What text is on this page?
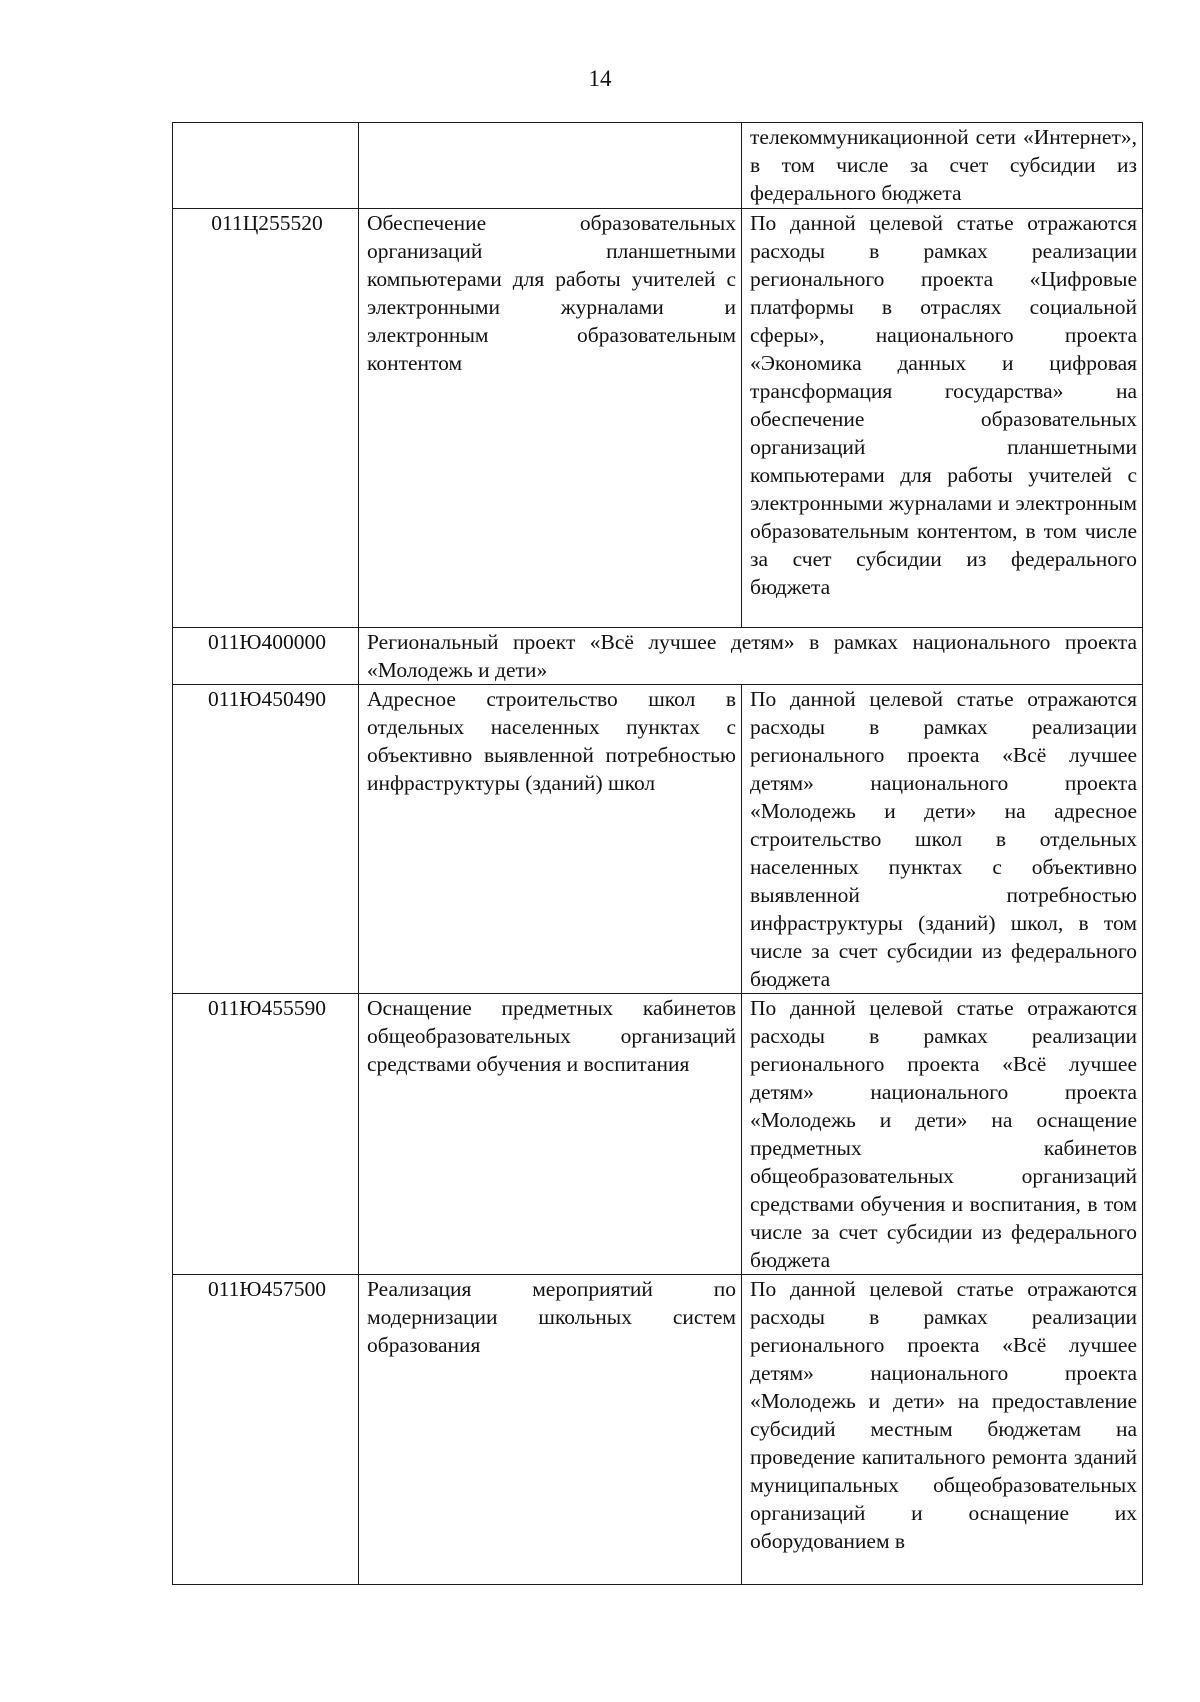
14
		телекоммуникационной сети «Интернет», в том числе за счет субсидии из федерального бюджета
011Ц255520	Обеспечение образовательных организаций планшетными компьютерами для работы учителей с электронными журналами и электронным образовательным контентом	По данной целевой статье отражаются расходы в рамках реализации регионального проекта «Цифровые платформы в отраслях социальной сферы», национального проекта «Экономика данных и цифровая трансформация государства» на обеспечение образовательных организаций планшетными компьютерами для работы учителей с электронными журналами и электронным образовательным контентом, в том числе за счет субсидии из федерального бюджета
011Ю400000	Региональный проект «Всё лучшее детям» в рамках национального проекта «Молодежь и дети»	
011Ю450490	Адресное строительство школ в отдельных населенных пунктах с объективно выявленной потребностью инфраструктуры (зданий) школ	По данной целевой статье отражаются расходы в рамках реализации регионального проекта «Всё лучшее детям» национального проекта «Молодежь и дети» на адресное строительство школ в отдельных населенных пунктах с объективно выявленной потребностью инфраструктуры (зданий) школ, в том числе за счет субсидии из федерального бюджета
011Ю455590	Оснащение предметных кабинетов общеобразовательных организаций средствами обучения и воспитания	По данной целевой статье отражаются расходы в рамках реализации регионального проекта «Всё лучшее детям» национального проекта «Молодежь и дети» на оснащение предметных кабинетов общеобразовательных организаций средствами обучения и воспитания, в том числе за счет субсидии из федерального бюджета
011Ю457500	Реализация мероприятий по модернизации школьных систем образования	По данной целевой статье отражаются расходы в рамках реализации регионального проекта «Всё лучшее детям» национального проекта «Молодежь и дети» на предоставление субсидий местным бюджетам на проведение капитального ремонта зданий муниципальных общеобразовательных организаций и оснащение их оборудованием в
